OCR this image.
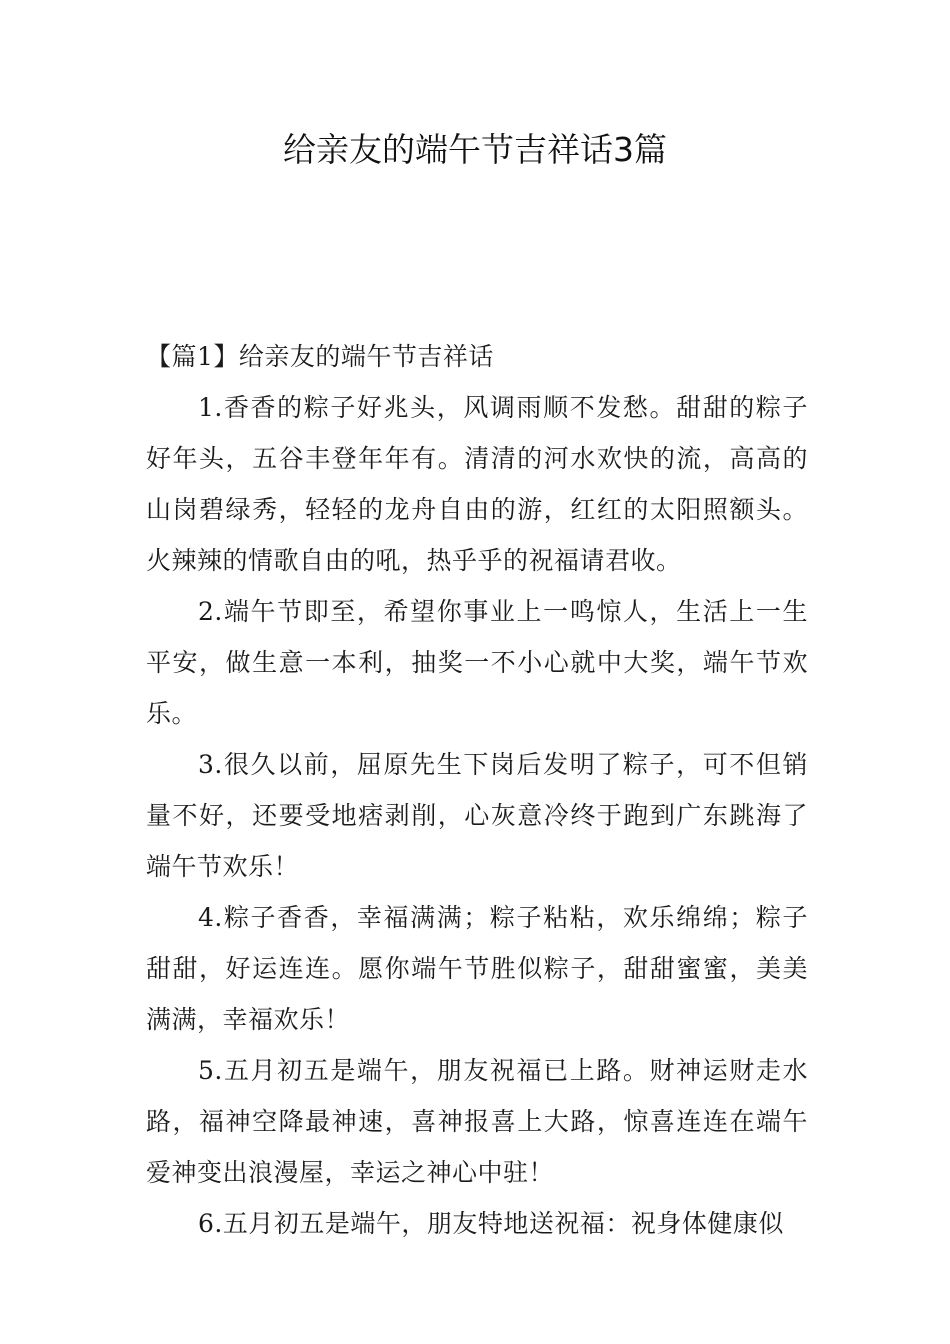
给亲友的端午节吉祥话3篇

【篇1】给亲友的端午节吉祥话

1.香香的粽子好兆头，风调雨顺不发愁。甜甜的粽子好年头，五谷丰登年年有。清清的河水欢快的流，高高的山岗碧绿秀，轻轻的龙舟自由的游，红红的太阳照额头。火辣辣的情歌自由的吼，热乎乎的祝福请君收。

2.端午节即至，希望你事业上一鸣惊人，生活上一生平安，做生意一本利，抽奖一不小心就中大奖，端午节欢乐。

3.很久以前，屈原先生下岗后发明了粽子，可不但销量不好，还要受地痞剥削，心灰意冷终于跑到广东跳海了端午节欢乐！

4.粽子香香，幸福满满；粽子粘粘，欢乐绵绵；粽子甜甜，好运连连。愿你端午节胜似粽子，甜甜蜜蜜，美美满满，幸福欢乐！

5.五月初五是端午，朋友祝福已上路。财神运财走水路，福神空降最神速，喜神报喜上大路，惊喜连连在端午爱神变出浪漫屋，幸运之神心中驻！

6.五月初五是端午，朋友特地送祝福：祝身体健康似
